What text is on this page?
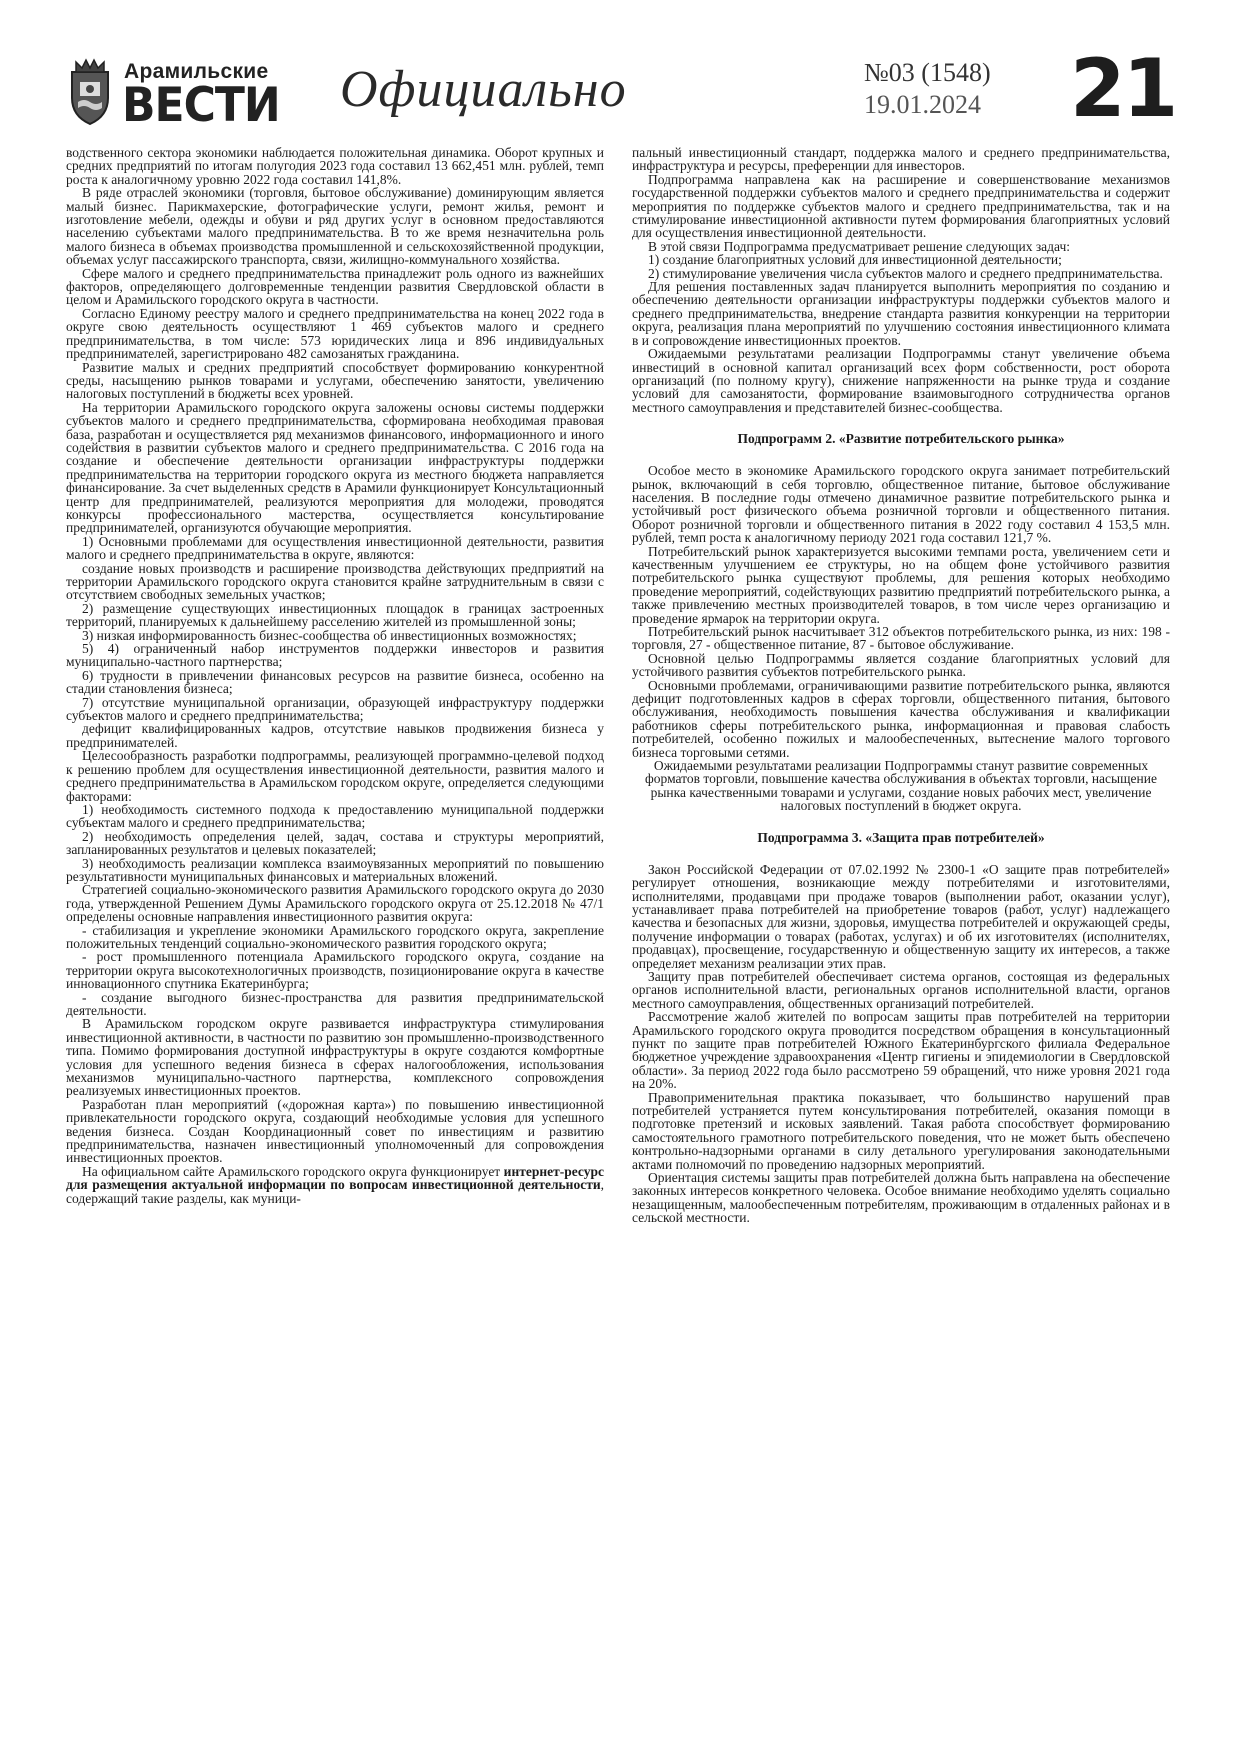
Арамильские
ВЕСТИ Официально	№03 (1548)
19.01.2024 21

водственного сектора экономики наблюдается положительная динамика. Оборот крупных и средних предприятий по итогам полугодия 2023 года составил 13 662,451 млн. рублей, темп роста к аналогичному уровню 2022 года составил 141,8%.

В ряде отраслей экономики (торговля, бытовое обслуживание) доминирующим является малый бизнес. Парикмахерские, фотографические услуги, ремонт жилья, ремонт и изготовление мебели, одежды и обуви и ряд других услуг в основном предоставляются населению субъектами малого предпринимательства. В то же время незначительна роль малого бизнеса в объемах производства промышленной и сельскохозяйственной продукции, объемах услуг пассажирского транспорта, связи, жилищно-коммунального хозяйства.

Сфере малого и среднего предпринимательства принадлежит роль одного из важнейших факторов, определяющего долговременные тенденции развития Свердловской области в целом и Арамильского городского округа в частности.

Согласно Единому реестру малого и среднего предпринимательства на конец 2022 года в округе свою деятельность осуществляют 1 469 субъектов малого и среднего предпринимательства, в том числе: 573 юридических лица и 896 индивидуальных предпринимателей, зарегистрировано 482 самозанятых гражданина.

Развитие малых и средних предприятий способствует формированию конкурентной среды, насыщению рынков товарами и услугами, обеспечению занятости, увеличению налоговых поступлений в бюджеты всех уровней.

На территории Арамильского городского округа заложены основы системы поддержки субъектов малого и среднего предпринимательства, сформирована необходимая правовая база, разработан и осуществляется ряд механизмов финансового, информационного и иного содействия в развитии субъектов малого и среднего предпринимательства. С 2016 года на создание и обеспечение деятельности организации инфраструктуры поддержки предпринимательства на территории городского округа из местного бюджета направляется финансирование. За счет выделенных средств в Арамили функционирует Консультационный центр для предпринимателей, реализуются мероприятия для молодежи, проводятся конкурсы профессионального мастерства, осуществляется консультирование предпринимателей, организуются обучающие мероприятия.

1) Основными проблемами для осуществления инвестиционной деятельности, развития малого и среднего предпринимательства в округе, являются:

создание новых производств и расширение производства действующих предприятий на территории Арамильского городского округа становится крайне затруднительным в связи с отсутствием свободных земельных участков;

2) размещение существующих инвестиционных площадок в границах застроенных территорий, планируемых к дальнейшему расселению жителей из промышленной зоны;

3) низкая информированность бизнес-сообщества об инвестиционных возможностях;

5) 4) ограниченный набор инструментов поддержки инвесторов и развития муниципально-частного партнерства;

6) трудности в привлечении финансовых ресурсов на развитие бизнеса, особенно на стадии становления бизнеса;

7) отсутствие муниципальной организации, образующей инфраструктуру поддержки субъектов малого и среднего предпринимательства;

дефицит квалифицированных кадров, отсутствие навыков продвижения бизнеса у предпринимателей.

Целесообразность разработки подпрограммы, реализующей программно-целевой подход к решению проблем для осуществления инвестиционной деятельности, развития малого и среднего предпринимательства в Арамильском городском округе, определяется следующими факторами:

1) необходимость системного подхода к предоставлению муниципальной поддержки субъектам малого и среднего предпринимательства;

2) необходимость определения целей, задач, состава и структуры мероприятий, запланированных результатов и целевых показателей;

3) необходимость реализации комплекса взаимоувязанных мероприятий по повышению результативности муниципальных финансовых и материальных вложений.

Стратегией социально-экономического развития Арамильского городского округа до 2030 года, утвержденной Решением Думы Арамильского городского округа от 25.12.2018 № 47/1 определены основные направления инвестиционного развития округа:

- стабилизация и укрепление экономики Арамильского городского округа, закрепление положительных тенденций социально-экономического развития городского округа;

- рост промышленного потенциала Арамильского городского округа, создание на территории округа высокотехнологичных производств, позиционирование округа в качестве инновационного спутника Екатеринбурга;

- создание выгодного бизнес-пространства для развития предпринимательской деятельности.

В Арамильском городском округе развивается инфраструктура стимулирования инвестиционной активности, в частности по развитию зон промышленно-производственного типа. Помимо формирования доступной инфраструктуры в округе создаются комфортные условия для успешного ведения бизнеса в сферах налогообложения, использования механизмов муниципально-частного партнерства, комплексного сопровождения реализуемых инвестиционных проектов.

Разработан план мероприятий («дорожная карта») по повышению инвестиционной привлекательности городского округа, создающий необходимые условия для успешного ведения бизнеса. Создан Координационный совет по инвестициям и развитию предпринимательства, назначен инвестиционный уполномоченный для сопровождения инвестиционных проектов.

На официальном сайте Арамильского городского округа функционирует интернет-ресурс для размещения актуальной информации по вопросам инвестиционной деятельности, содержащий такие разделы, как муници-

пальный инвестиционный стандарт, поддержка малого и среднего предпринимательства, инфраструктура и ресурсы, преференции для инвесторов.

Подпрограмма направлена как на расширение и совершенствование механизмов государственной поддержки субъектов малого и среднего предпринимательства и содержит мероприятия по поддержке субъектов малого и среднего предпринимательства, так и на стимулирование инвестиционной активности путем формирования благоприятных условий для осуществления инвестиционной деятельности.

В этой связи Подпрограмма предусматривает решение следующих задач:

1) создание благоприятных условий для инвестиционной деятельности;

2) стимулирование увеличения числа субъектов малого и среднего предпринимательства.

Для решения поставленных задач планируется выполнить мероприятия по созданию и обеспечению деятельности организации инфраструктуры поддержки субъектов малого и среднего предпринимательства, внедрение стандарта развития конкуренции на территории округа, реализация плана мероприятий по улучшению состояния инвестиционного климата в и сопровождение инвестиционных проектов.

Ожидаемыми результатами реализации Подпрограммы станут увеличение объема инвестиций в основной капитал организаций всех форм собственности, рост оборота организаций (по полному кругу), снижение напряженности на рынке труда и создание условий для самозанятости, формирование взаимовыгодного сотрудничества органов местного самоуправления и представителей бизнес-сообщества.

Подпрограмм 2. «Развитие потребительского рынка»

Особое место в экономике Арамильского городского округа занимает потребительский рынок, включающий в себя торговлю, общественное питание, бытовое обслуживание населения. В последние годы отмечено динамичное развитие потребительского рынка и устойчивый рост физического объема розничной торговли и общественного питания. Оборот розничной торговли и общественного питания в 2022 году составил 4 153,5 млн. рублей, темп роста к аналогичному периоду 2021 года составил 121,7 %.

Потребительский рынок характеризуется высокими темпами роста, увеличением сети и качественным улучшением ее структуры, но на общем фоне устойчивого развития потребительского рынка существуют проблемы, для решения которых необходимо проведение мероприятий, содействующих развитию предприятий потребительского рынка, а также привлечению местных производителей товаров, в том числе через организацию и проведение ярмарок на территории округа.

Потребительский рынок насчитывает 312 объектов потребительского рынка, из них: 198 - торговля, 27 - общественное питание, 87 - бытовое обслуживание.

Основной целью Подпрограммы является создание благоприятных условий для устойчивого развития субъектов потребительского рынка.

Основными проблемами, ограничивающими развитие потребительского рынка, являются дефицит подготовленных кадров в сферах торговли, общественного питания, бытового обслуживания, необходимость повышения качества обслуживания и квалификации работников сферы потребительского рынка, информационная и правовая слабость потребителей, особенно пожилых и малообеспеченных, вытеснение малого торгового бизнеса торговыми сетями.

Ожидаемыми результатами реализации Подпрограммы станут развитие современных форматов торговли, повышение качества обслуживания в объектах торговли, насыщение рынка качественными товарами и услугами, создание новых рабочих мест, увеличение налоговых поступлений в бюджет округа.

Подпрограмма 3. «Защита прав потребителей»

Закон Российской Федерации от 07.02.1992 № 2300-1 «О защите прав потребителей» регулирует отношения, возникающие между потребителями и изготовителями, исполнителями, продавцами при продаже товаров (выполнении работ, оказании услуг), устанавливает права потребителей на приобретение товаров (работ, услуг) надлежащего качества и безопасных для жизни, здоровья, имущества потребителей и окружающей среды, получение информации о товарах (работах, услугах) и об их изготовителях (исполнителях, продавцах), просвещение, государственную и общественную защиту их интересов, а также определяет механизм реализации этих прав.

Защиту прав потребителей обеспечивает система органов, состоящая из федеральных органов исполнительной власти, региональных органов исполнительной власти, органов местного самоуправления, общественных организаций потребителей.

Рассмотрение жалоб жителей по вопросам защиты прав потребителей на территории Арамильского городского округа проводится посредством обращения в консультационный пункт по защите прав потребителей Южного Екатеринбургского филиала Федеральное бюджетное учреждение здравоохранения «Центр гигиены и эпидемиологии в Свердловской области». За период 2022 года было рассмотрено 59 обращений, что ниже уровня 2021 года на 20%.

Правоприменительная практика показывает, что большинство нарушений прав потребителей устраняется путем консультирования потребителей, оказания помощи в подготовке претензий и исковых заявлений. Такая работа способствует формированию самостоятельного грамотного потребительского поведения, что не может быть обеспечено контрольно-надзорными органами в силу детального урегулирования законодательными актами полномочий по проведению надзорных мероприятий.

Ориентация системы защиты прав потребителей должна быть направлена на обеспечение законных интересов конкретного человека. Особое внимание необходимо уделять социально незащищенным, малообеспеченным потребителям, проживающим в отдаленных районах и в сельской местности.
